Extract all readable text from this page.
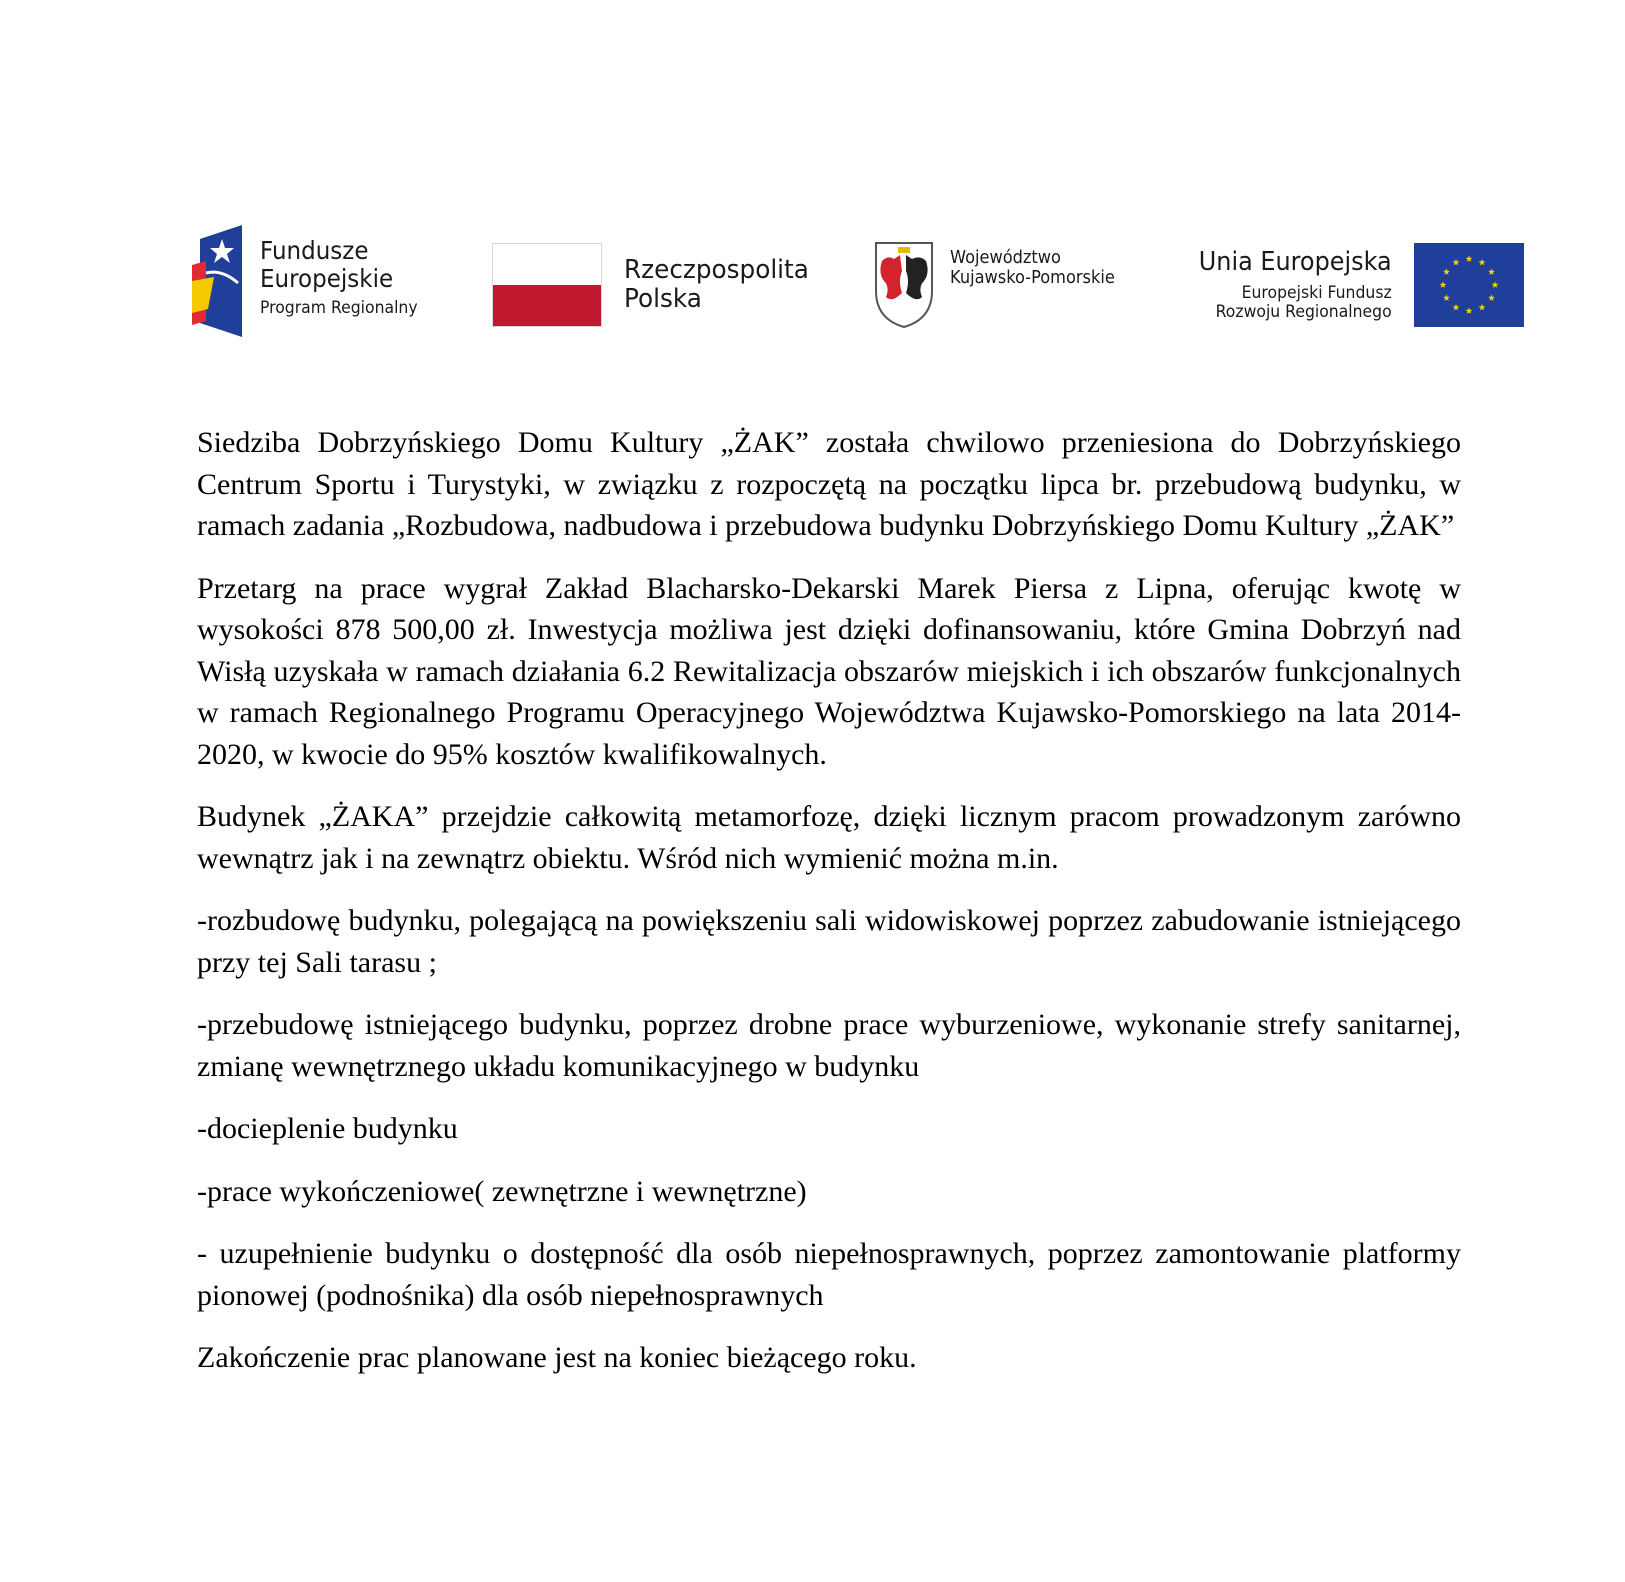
Fundusze
Europejskie
Program Regionalny
Rzeczpospolita
Polska
Województwo
Kujawsko-Pomorskie
Unia Europejska
Europejski Fundusz
Rozwoju Regionalnego

Siedziba Dobrzyńskiego Domu Kultury „ŻAK” została chwilowo przeniesiona do Dobrzyńskiego Centrum Sportu i Turystyki, w związku z rozpoczętą na początku lipca br. przebudową budynku, w ramach zadania „Rozbudowa, nadbudowa i przebudowa budynku Dobrzyńskiego Domu Kultury „ŻAK”

Przetarg na prace wygrał Zakład Blacharsko-Dekarski Marek Piersa z Lipna, oferując kwotę w wysokości 878 500,00 zł. Inwestycja możliwa jest dzięki dofinansowaniu, które Gmina Dobrzyń nad Wisłą uzyskała w ramach działania 6.2 Rewitalizacja obszarów miejskich i ich obszarów funkcjonalnych w ramach Regionalnego Programu Operacyjnego Województwa Kujawsko-Pomorskiego na lata 2014-2020, w kwocie do 95% kosztów kwalifikowalnych.

Budynek „ŻAKA” przejdzie całkowitą metamorfozę, dzięki licznym pracom prowadzonym zarówno wewnątrz jak i na zewnątrz obiektu. Wśród nich wymienić można m.in.

-rozbudowę budynku, polegającą na powiększeniu sali widowiskowej poprzez zabudowanie istniejącego przy tej Sali tarasu ;

-przebudowę istniejącego budynku, poprzez drobne prace wyburzeniowe, wykonanie strefy sanitarnej, zmianę wewnętrznego układu komunikacyjnego w budynku

-docieplenie budynku

-prace wykończeniowe( zewnętrzne i wewnętrzne)

- uzupełnienie budynku o dostępność dla osób niepełnosprawnych, poprzez zamontowanie platformy pionowej (podnośnika) dla osób niepełnosprawnych

Zakończenie prac planowane jest na koniec bieżącego roku.
